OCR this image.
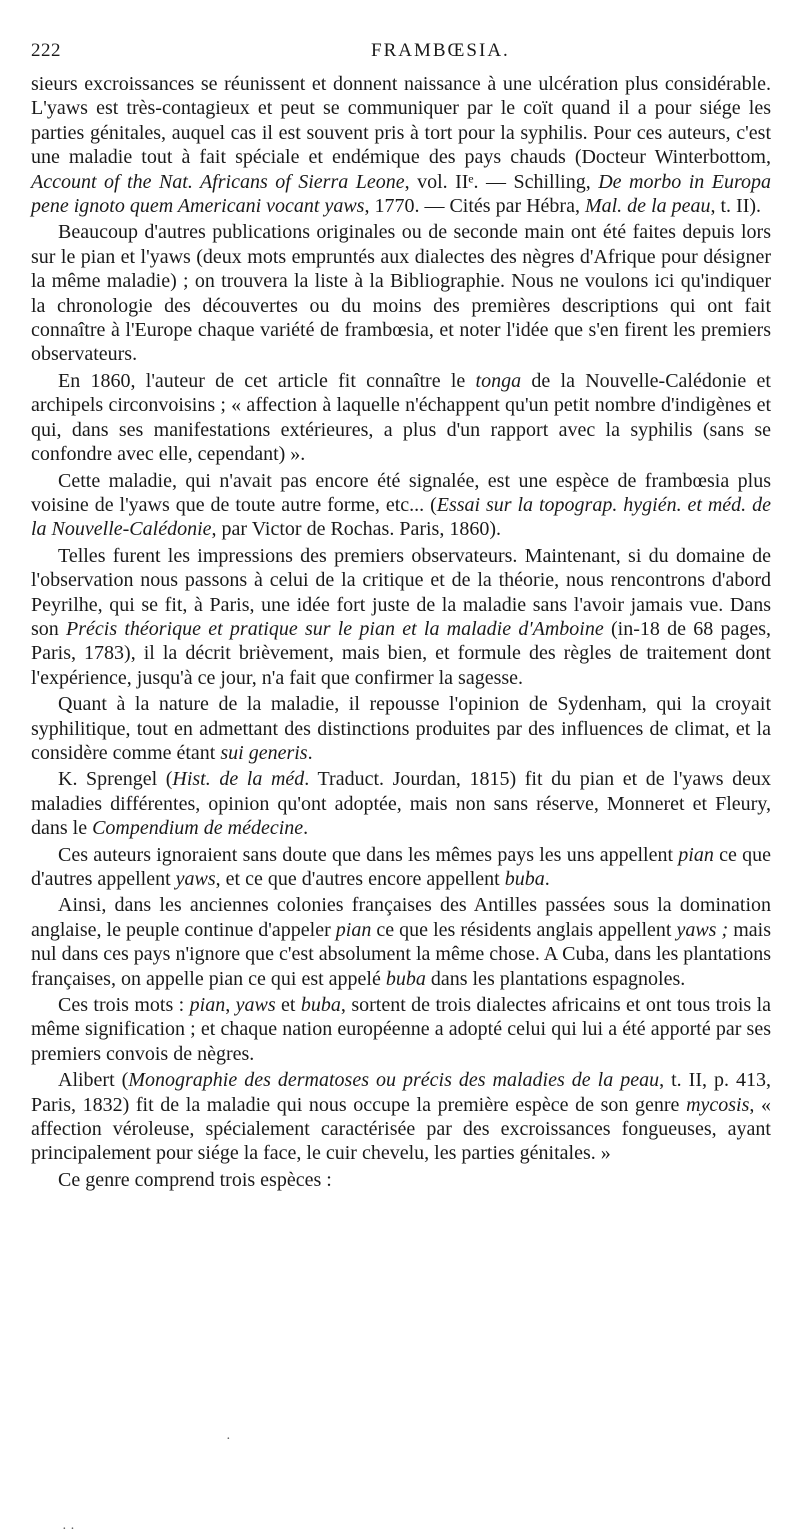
222	FRAMBŒSIA.

sieurs excroissances se réunissent et donnent naissance à une ulcération plus considérable. L'yaws est très-contagieux et peut se communiquer par le coït quand il a pour siége les parties génitales, auquel cas il est souvent pris à tort pour la syphilis. Pour ces auteurs, c'est une maladie tout à fait spéciale et endémique des pays chauds (Docteur Winterbottom, Account of the Nat. Africans of Sierra Leone, vol. IIᵉ. — Schilling, De morbo in Europa pene ignoto quem Americani vocant yaws, 1770. — Cités par Hébra, Mal. de la peau, t. II).

Beaucoup d'autres publications originales ou de seconde main ont été faites depuis lors sur le pian et l'yaws (deux mots empruntés aux dialectes des nègres d'Afrique pour désigner la même maladie) ; on trouvera la liste à la Bibliographie. Nous ne voulons ici qu'indiquer la chronologie des découvertes ou du moins des premières descriptions qui ont fait connaître à l'Europe chaque variété de frambœsia, et noter l'idée que s'en firent les premiers observateurs.

En 1860, l'auteur de cet article fit connaître le tonga de la Nouvelle-Calédonie et archipels circonvoisins ; « affection à laquelle n'échappent qu'un petit nombre d'indigènes et qui, dans ses manifestations extérieures, a plus d'un rapport avec la syphilis (sans se confondre avec elle, cependant) ».

Cette maladie, qui n'avait pas encore été signalée, est une espèce de frambœsia plus voisine de l'yaws que de toute autre forme, etc... (Essai sur la topograp. hygién. et méd. de la Nouvelle-Calédonie, par Victor de Rochas. Paris, 1860).

Telles furent les impressions des premiers observateurs. Maintenant, si du domaine de l'observation nous passons à celui de la critique et de la théorie, nous rencontrons d'abord Peyrilhe, qui se fit, à Paris, une idée fort juste de la maladie sans l'avoir jamais vue. Dans son Précis théorique et pratique sur le pian et la maladie d'Amboine (in-18 de 68 pages, Paris, 1783), il la décrit brièvement, mais bien, et formule des règles de traitement dont l'expérience, jusqu'à ce jour, n'a fait que confirmer la sagesse.

Quant à la nature de la maladie, il repousse l'opinion de Sydenham, qui la croyait syphilitique, tout en admettant des distinctions produites par des influences de climat, et la considère comme étant sui generis.

K. Sprengel (Hist. de la méd. Traduct. Jourdan, 1815) fit du pian et de l'yaws deux maladies différentes, opinion qu'ont adoptée, mais non sans réserve, Monneret et Fleury, dans le Compendium de médecine.

Ces auteurs ignoraient sans doute que dans les mêmes pays les uns appellent pian ce que d'autres appellent yaws, et ce que d'autres encore appellent buba.

Ainsi, dans les anciennes colonies françaises des Antilles passées sous la domination anglaise, le peuple continue d'appeler pian ce que les résidents anglais appellent yaws ; mais nul dans ces pays n'ignore que c'est absolument la même chose. A Cuba, dans les plantations françaises, on appelle pian ce qui est appelé buba dans les plantations espagnoles.

Ces trois mots : pian, yaws et buba, sortent de trois dialectes africains et ont tous trois la même signification ; et chaque nation européenne a adopté celui qui lui a été apporté par ses premiers convois de nègres.

Alibert (Monographie des dermatoses ou précis des maladies de la peau, t. II, p. 413, Paris, 1832) fit de la maladie qui nous occupe la première espèce de son genre mycosis, « affection véroleuse, spécialement caractérisée par des excroissances fongueuses, ayant principalement pour siége la face, le cuir chevelu, les parties génitales. »

Ce genre comprend trois espèces :

·
· ·
